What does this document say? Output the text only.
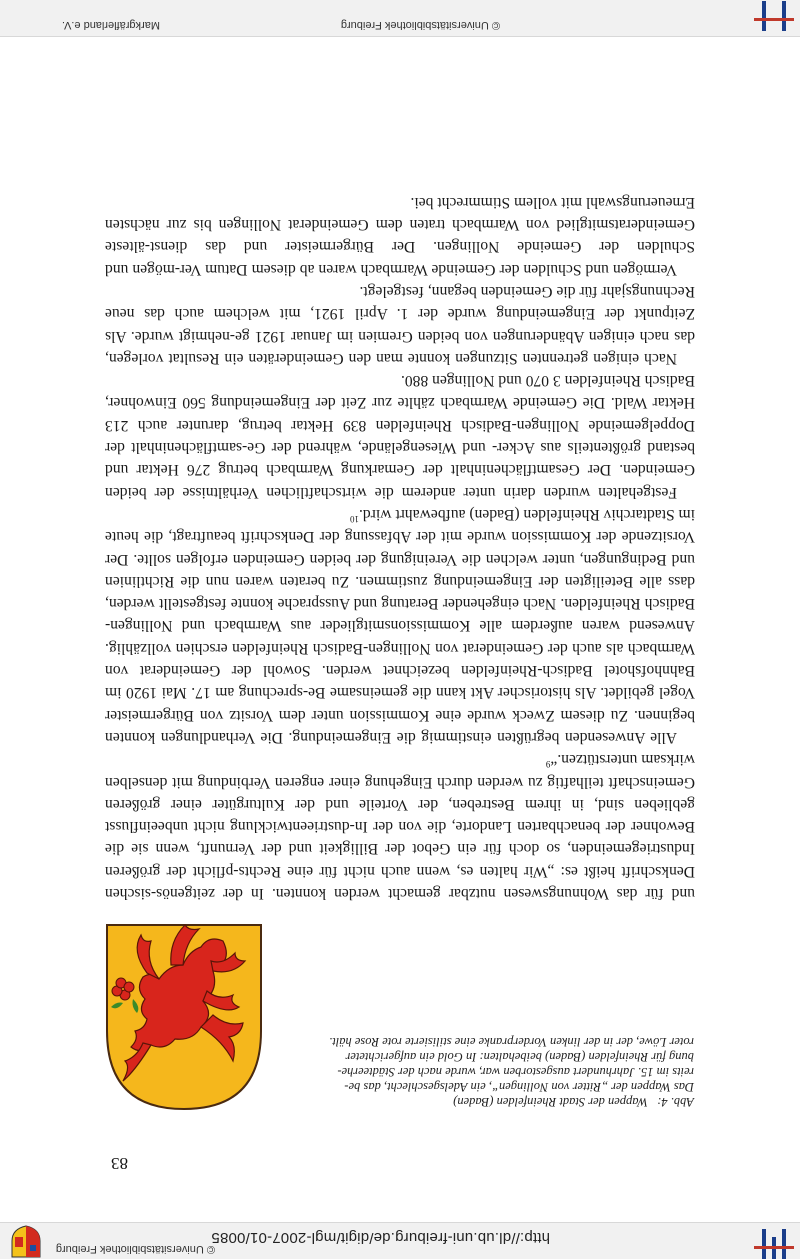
http://dl.ub.uni-freiburg.de/digit/mgl-2007-01/0085
© Universitätsbibliothek Freiburg
© Universitätsbibliothek Freiburg
Markgräflerland e.V.
83
Abb. 4:   Wappen der Stadt Rheinfelden (Baden)
Das Wappen der „Ritter von Nollingen“, ein Adelsgeschlecht, das be-
reits im 15. Jahrhundert ausgestorben war, wurde nach der Städteerhe-
bung für Rheinfelden (Baden) beibehalten: In Gold ein aufgerichteter
roter Löwe, der in der linken Vorderpranke eine stilisierte rote Rose hält.

und für das Wohnungswesen nutzbar gemacht werden konnten. In der zeitgenös-sischen Denkschrift heißt es: „Wir halten es, wenn auch nicht für eine Rechts-pflicht der größeren Industriegemeinden, so doch für ein Gebot der Billigkeit und der Vernunft, wenn sie die Bewohner der benachbarten Landorte, die von der In-dustrieentwicklung nicht unbeeinflusst geblieben sind, in ihrem Bestreben, der Vorteile und der Kulturgüter einer größeren Gemeinschaft teilhaftig zu werden durch Eingehung einer engeren Verbindung mit denselben wirksam unterstützen.“$^9$

Alle Anwesenden begrüßten einstimmig die Eingemeindung. Die Verhandlungen konnten beginnen. Zu diesem Zweck wurde eine Kommission unter dem Vorsitz von Bürgermeister Vogel gebildet. Als historischer Akt kann die gemeinsame Be-sprechung am 17. Mai 1920 im Bahnhofshotel Badisch-Rheinfelden bezeichnet werden. Sowohl der Gemeinderat von Warmbach als auch der Gemeinderat von Nollingen-Badisch Rheinfelden erschien vollzählig. Anwesend waren außerdem alle Kommissionsmitglieder aus Warmbach und Nollingen-Badisch Rheinfelden. Nach eingehender Beratung und Aussprache konnte festgestellt werden, dass alle Beteiligten der Eingemeindung zustimmen. Zu beraten waren nun die Richtlinien und Bedingungen, unter welchen die Vereinigung der beiden Gemeinden erfolgen sollte. Der Vorsitzende der Kommission wurde mit der Abfassung der Denkschrift beauftragt, die heute im Stadtarchiv Rheinfelden (Baden) aufbewahrt wird.$^{10}$

Festgehalten wurden darin unter anderem die wirtschaftlichen Verhältnisse der beiden Gemeinden. Der Gesamtflächeninhalt der Gemarkung Warmbach betrug 276 Hektar und bestand größtenteils aus Acker- und Wiesengelände, während der Ge-samtflächeninhalt der Doppelgemeinde Nollingen-Badisch Rheinfelden 839 Hektar betrug, darunter auch 213 Hektar Wald. Die Gemeinde Warmbach zählte zur Zeit der Eingemeindung 560 Einwohner, Badisch Rheinfelden 3 070 und Nollingen 880.

Nach einigen getrennten Sitzungen konnte man den Gemeinderäten ein Resultat vorlegen, das nach einigen Abänderungen von beiden Gremien im Januar 1921 ge-nehmigt wurde. Als Zeitpunkt der Eingemeindung wurde der 1. April 1921, mit welchem auch das neue Rechnungsjahr für die Gemeinden begann, festgelegt.

Vermögen und Schulden der Gemeinde Warmbach waren ab diesem Datum Ver-mögen und Schulden der Gemeinde Nollingen. Der Bürgermeister und das dienst-älteste Gemeinderatsmitglied von Warmbach traten dem Gemeinderat Nollingen bis zur nächsten Erneuerungswahl mit vollem Stimmrecht bei.
